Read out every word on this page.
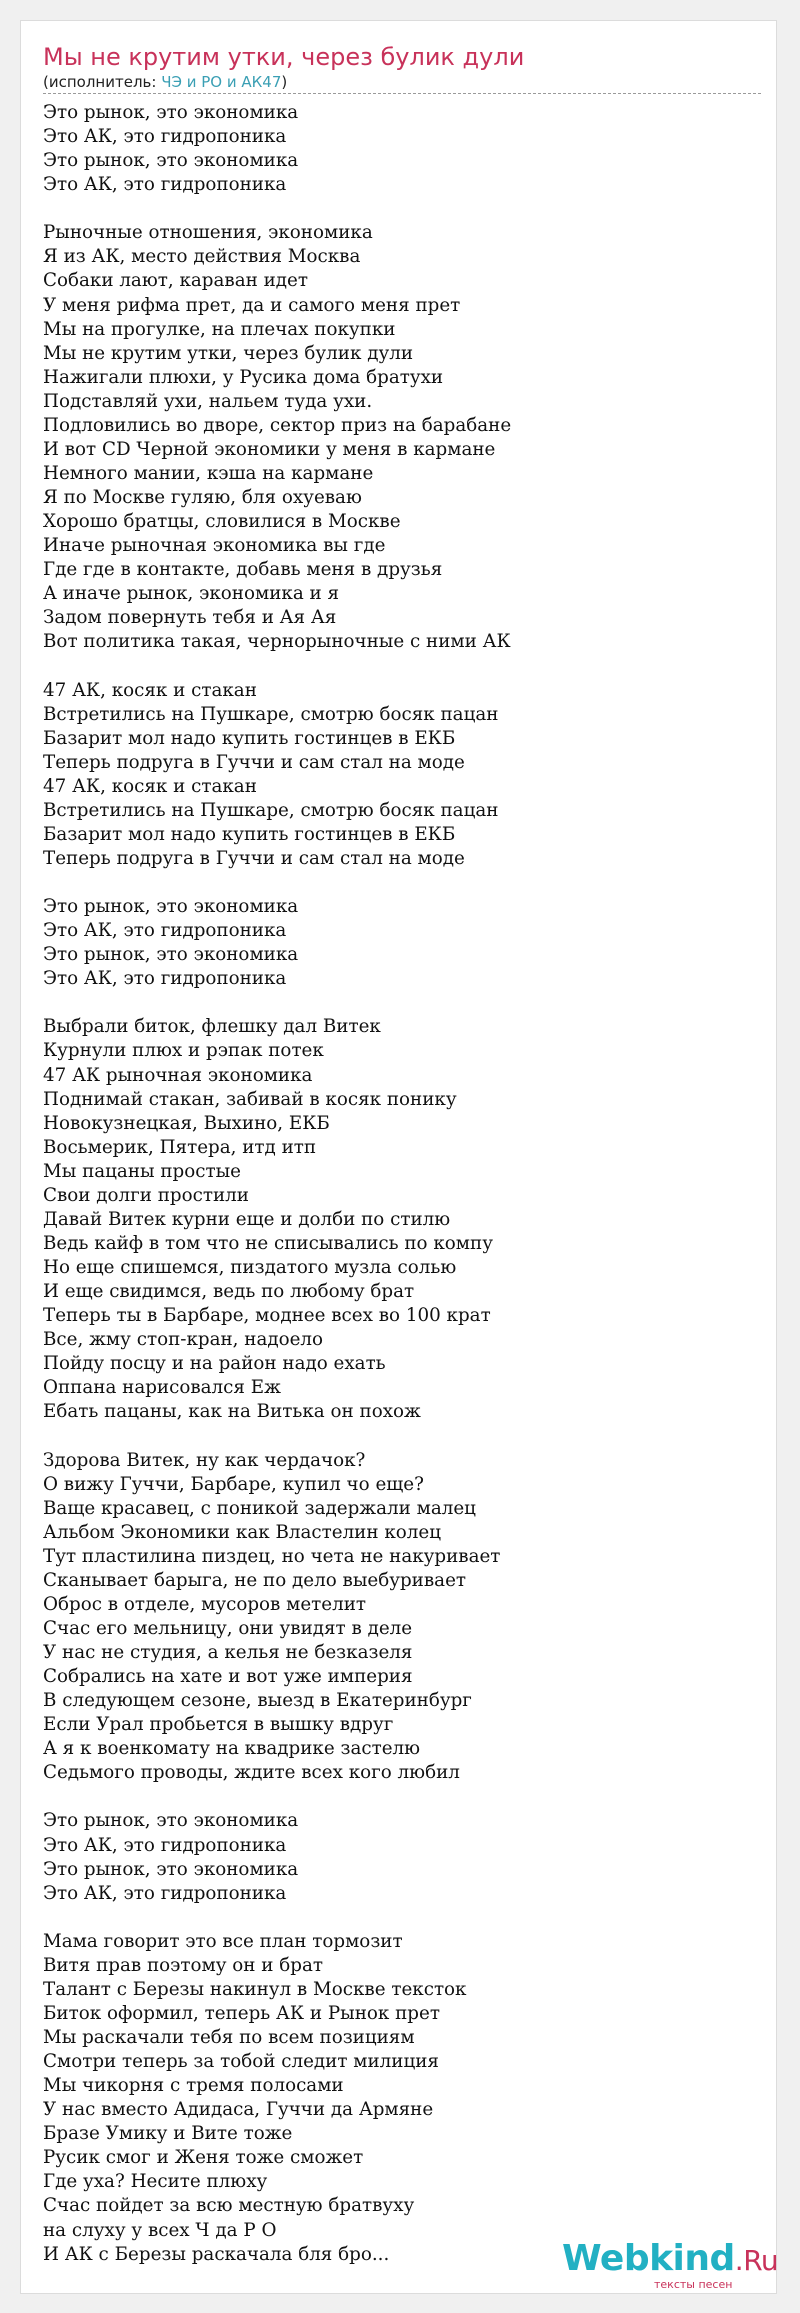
Мы не крутим утки, через булик дули
(исполнитель: ЧЭ и РО и АК47)
Это рынок, это экономика
Это АК, это гидропоника
Это рынок, это экономика
Это АК, это гидропоника

Рыночные отношения, экономика
Я из АК, место действия Москва
Собаки лают, караван идет
У меня рифма прет, да и самого меня прет
Мы на прогулке, на плечах покупки
Мы не крутим утки, через булик дули
Нажигали плюхи, у Русика дома братухи
Подставляй ухи, нальем туда ухи.
Подловились во дворе, сектор приз на барабане
И вот CD Черной экономики у меня в кармане
Немного мании, кэша на кармане
Я по Москве гуляю, бля охуеваю
Хорошо братцы, словилися в Москве
Иначе рыночная экономика вы где
Где где в контакте, добавь меня в друзья
А иначе рынок, экономика и я
Задом повернуть тебя и Ая Ая
Вот политика такая, чернорыночные с ними АК

47 АК, косяк и стакан
Встретились на Пушкаре, смотрю босяк пацан
Базарит мол надо купить гостинцев в ЕКБ
Теперь подруга в Гуччи и сам стал на моде
47 АК, косяк и стакан
Встретились на Пушкаре, смотрю босяк пацан
Базарит мол надо купить гостинцев в ЕКБ
Теперь подруга в Гуччи и сам стал на моде

Это рынок, это экономика
Это АК, это гидропоника
Это рынок, это экономика
Это АК, это гидропоника

Выбрали биток, флешку дал Витек
Курнули плюх и рэпак потек
47 АК рыночная экономика
Поднимай стакан, забивай в косяк понику
Новокузнецкая, Выхино, ЕКБ
Восьмерик, Пятера, итд итп
Мы пацаны простые
Свои долги простили
Давай Витек курни еще и долби по стилю
Ведь кайф в том что не списывались по компу
Но еще спишемся, пиздатого музла солью
И еще свидимся, ведь по любому брат
Теперь ты в Барбаре, моднее всех во 100 крат
Все, жму стоп-кран, надоело
Пойду посцу и на район надо ехать
Оппана нарисовался Еж
Ебать пацаны, как на Витька он похож

Здорова Витек, ну как чердачок?
О вижу Гуччи, Барбаре, купил чо еще?
Ваще красавец, с поникой задержали малец
Альбом Экономики как Властелин колец
Тут пластилина пиздец, но чета не накуривает
Сканывает барыга, не по дело выебуривает
Оброс в отделе, мусоров метелит
Счас его мельницу, они увидят в деле
У нас не студия, а келья не безказеля
Собрались на хате и вот уже империя
В следующем сезоне, выезд в Екатеринбург
Если Урал пробьется в вышку вдруг
А я к военкомату на квадрике застелю
Седьмого проводы, ждите всех кого любил

Это рынок, это экономика
Это АК, это гидропоника
Это рынок, это экономика
Это АК, это гидропоника

Мама говорит это все план тормозит
Витя прав поэтому он и брат
Талант с Березы накинул в Москве тексток
Биток оформил, теперь АК и Рынок прет
Мы раскачали тебя по всем позициям
Смотри теперь за тобой следит милиция
Мы чикорня с тремя полосами
У нас вместо Адидаса, Гуччи да Армяне
Бразе Умику и Вите тоже
Русик смог и Женя тоже сможет
Где уха? Несите плюху
Счас пойдет за всю местную братвуху
на слуху у всех Ч да Р О
И АК с Березы раскачала бля бро...	Webkind.Ru
тексты песен
